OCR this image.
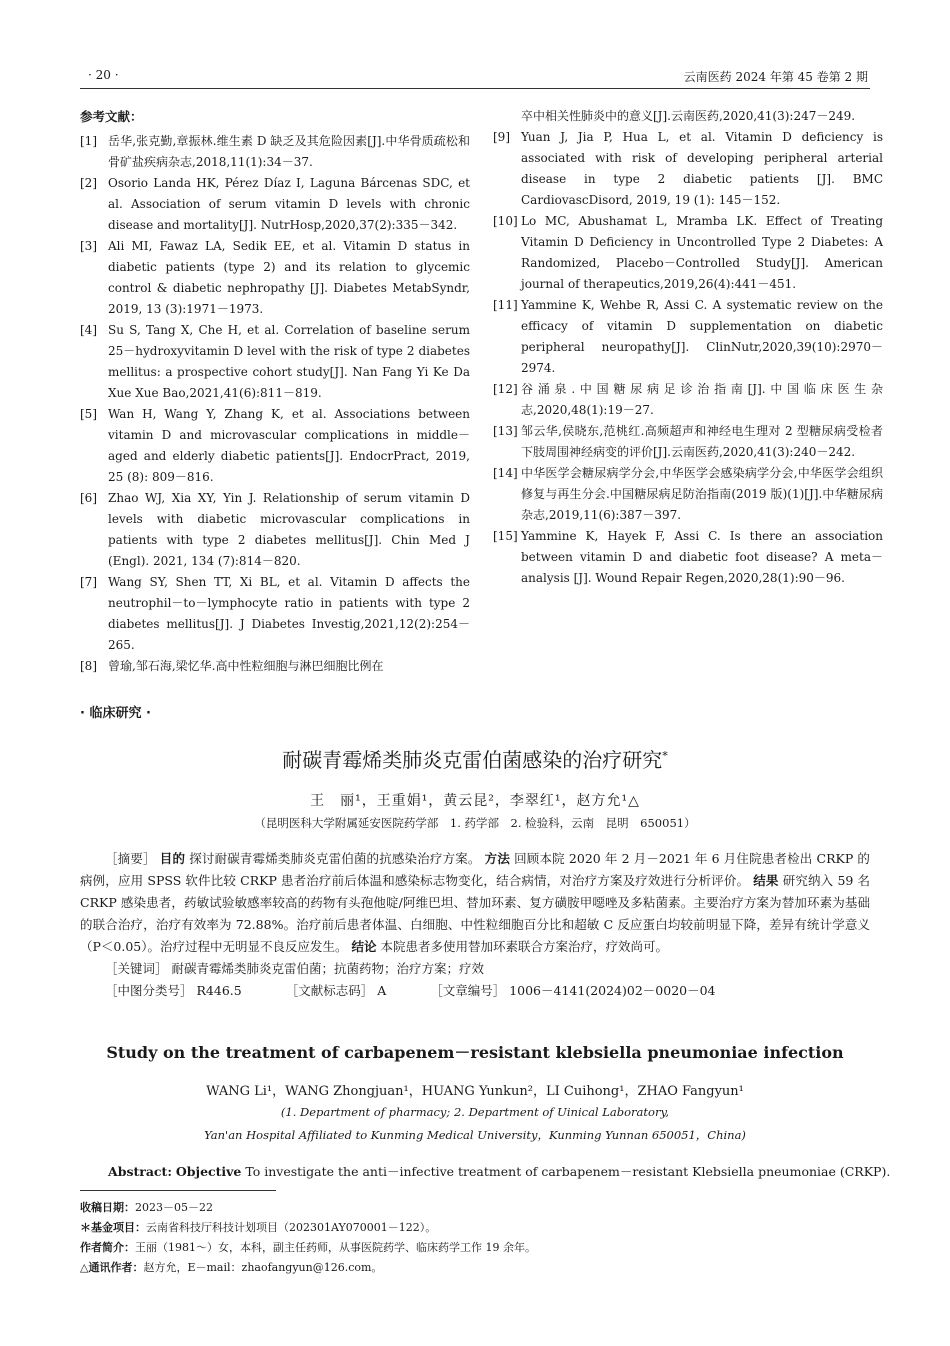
· 20 ·	云南医药 2024 年第 45 卷第 2 期
参考文献：
[1] 岳华,张克勤,章振林.维生素 D 缺乏及其危险因素[J].中华骨质疏松和骨矿盐疾病杂志,2018,11(1):34－37.
[2] Osorio Landa HK, Pérez Díaz I, Laguna Bárcenas SDC, et al. Association of serum vitamin D levels with chronic disease and mortality[J]. NutrHosp,2020,37(2):335－342.
[3] Ali MI, Fawaz LA, Sedik EE, et al. Vitamin D status in diabetic patients (type 2) and its relation to glycemic control & diabetic nephropathy [J]. Diabetes MetabSyndr, 2019, 13 (3):1971－1973.
[4] Su S, Tang X, Che H, et al. Correlation of baseline serum 25－hydroxyvitamin D level with the risk of type 2 diabetes mellitus: a prospective cohort study[J]. Nan Fang Yi Ke Da Xue Xue Bao,2021,41(6):811－819.
[5] Wan H, Wang Y, Zhang K, et al. Associations between vitamin D and microvascular complications in middle－aged and elderly diabetic patients[J]. EndocrPract, 2019, 25 (8): 809－816.
[6] Zhao WJ, Xia XY, Yin J. Relationship of serum vitamin D levels with diabetic microvascular complications in patients with type 2 diabetes mellitus[J]. Chin Med J (Engl). 2021, 134 (7):814－820.
[7] Wang SY, Shen TT, Xi BL, et al. Vitamin D affects the neutrophil－to－lymphocyte ratio in patients with type 2 diabetes mellitus[J]. J Diabetes Investig,2021,12(2):254－265.
[8] 曾瑜,邹石海,梁忆华.高中性粒细胞与淋巴细胞比例在
卒中相关性肺炎中的意义[J].云南医药,2020,41(3):247－249.
[9] Yuan J, Jia P, Hua L, et al. Vitamin D deficiency is associated with risk of developing peripheral arterial disease in type 2 diabetic patients [J]. BMC CardiovascDisord, 2019, 19 (1): 145－152.
[10] Lo MC, Abushamat L, Mramba LK. Effect of Treating Vitamin D Deficiency in Uncontrolled Type 2 Diabetes: A Randomized, Placebo－Controlled Study[J]. American journal of therapeutics,2019,26(4):441－451.
[11] Yammine K, Wehbe R, Assi C. A systematic review on the efficacy of vitamin D supplementation on diabetic peripheral neuropathy[J]. ClinNutr,2020,39(10):2970－2974.
[12] 谷涌泉.中国糖尿病足诊治指南[J].中国临床医生杂志,2020,48(1):19－27.
[13] 邹云华,侯晓东,范桃红.高频超声和神经电生理对 2 型糖尿病受检者下肢周围神经病变的评价[J].云南医药,2020,41(3):240－242.
[14] 中华医学会糖尿病学分会,中华医学会感染病学分会,中华医学会组织修复与再生分会.中国糖尿病足防治指南(2019 版)(1)[J].中华糖尿病杂志,2019,11(6):387－397.
[15] Yammine K, Hayek F, Assi C. Is there an association between vitamin D and diabetic foot disease? A meta－analysis [J]. Wound Repair Regen,2020,28(1):90－96.
· 临床研究 ·
耐碳青霉烯类肺炎克雷伯菌感染的治疗研究*
王　丽¹，王重娟¹，黄云昆²，李翠红¹，赵方允¹△
（昆明医科大学附属延安医院药学部　1. 药学部　2. 检验科，云南　昆明　650051）

［摘要］ 目的 探讨耐碳青霉烯类肺炎克雷伯菌的抗感染治疗方案。 方法 回顾本院 2020 年 2 月－2021 年 6 月住院患者检出 CRKP 的病例，应用 SPSS 软件比较 CRKP 患者治疗前后体温和感染标志物变化，结合病情，对治疗方案及疗效进行分析评价。 结果 研究纳入 59 名 CRKP 感染患者，药敏试验敏感率较高的药物有头孢他啶/阿维巴坦、替加环素、复方磺胺甲噁唑及多粘菌素。主要治疗方案为替加环素为基础的联合治疗，治疗有效率为 72.88%。治疗前后患者体温、白细胞、中性粒细胞百分比和超敏 C 反应蛋白均较前明显下降，差异有统计学意义（P＜0.05）。治疗过程中无明显不良反应发生。 结论 本院患者多使用替加环素联合方案治疗，疗效尚可。

［关键词］ 耐碳青霉烯类肺炎克雷伯菌；抗菌药物；治疗方案；疗效
［中图分类号］ R446.5	［文献标志码］ A	［文章编号］ 1006－4141(2024)02－0020－04
Study on the treatment of carbapenem－resistant klebsiella pneumoniae infection
WANG Li¹，WANG Zhongjuan¹，HUANG Yunkun²，LI Cuihong¹，ZHAO Fangyun¹
(1. Department of pharmacy; 2. Department of Uinical Laboratory,
Yan'an Hospital Affiliated to Kunming Medical University，Kunming Yunnan 650051，China)
Abstract: Objective To investigate the anti－infective treatment of carbapenem－resistant Klebsiella pneumoniae (CRKP).
收稿日期：2023－05－22
＊基金项目：云南省科技厅科技计划项目（202301AY070001－122）。
作者简介：王丽（1981～）女，本科，副主任药师，从事医院药学、临床药学工作 19 余年。
△通讯作者：赵方允，E－mail：zhaofangyun@126.com。
